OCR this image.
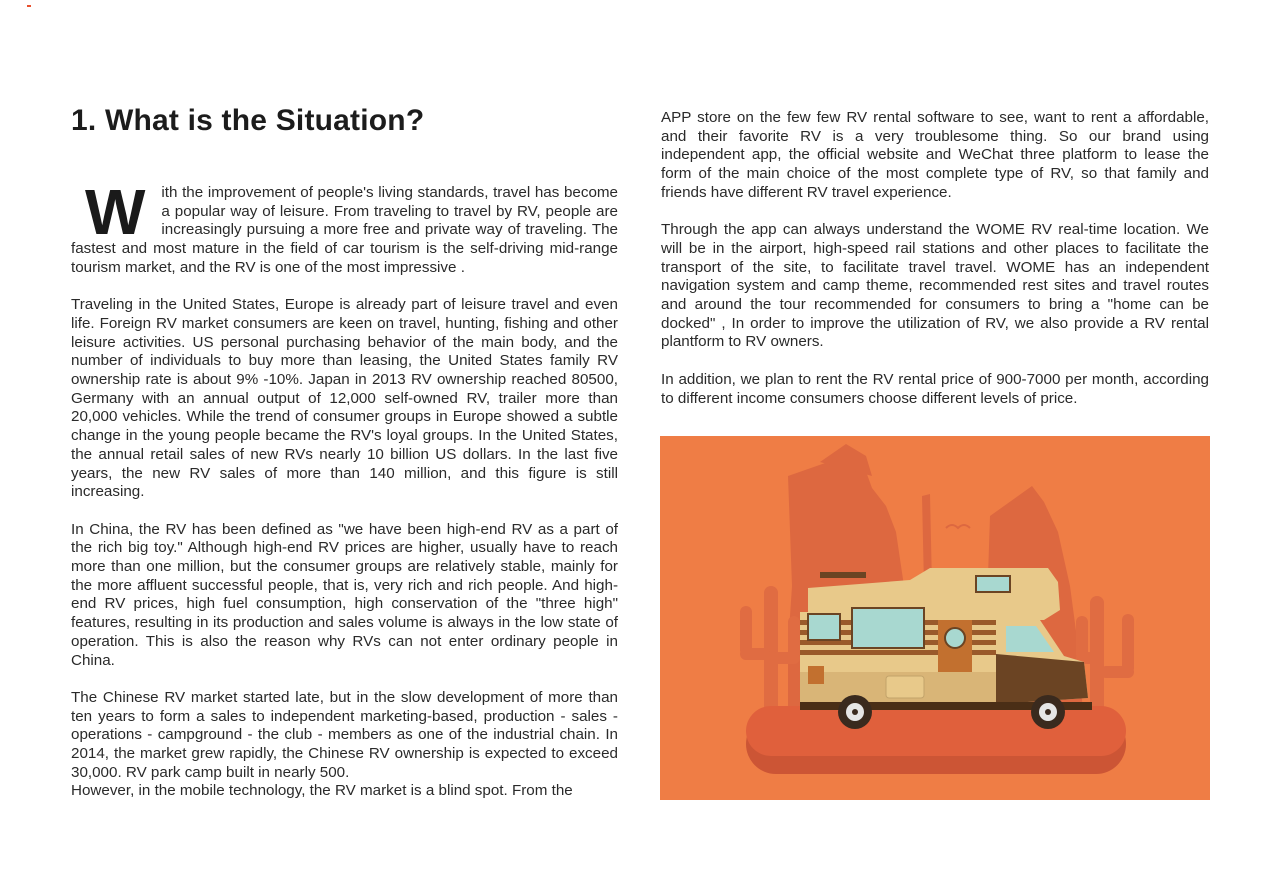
1. What is the Situation?

W ith the improvement of people's living standards, travel has become a popular way of leisure. From traveling to travel by RV, people are increasingly pursuing a more free and private way of traveling. The fastest and most mature in the field of car tourism is the self-driving mid-range tourism market, and the RV is one of the most impressive .

Traveling in the United States, Europe is already part of leisure travel and even life. Foreign RV market consumers are keen on travel, hunting, fishing and other leisure activities. US personal purchasing behavior of the main body, and the number of individuals to buy more than leasing, the United States family RV ownership rate is about 9% -10%. Japan in 2013 RV ownership reached 80500, Germany with an annual output of 12,000 self-owned RV, trailer more than 20,000 vehicles. While the trend of consumer groups in Europe showed a subtle change in the young people became the RV's loyal groups. In the United States, the annual retail sales of new RVs nearly 10 billion US dollars. In the last five years, the new RV sales of more than 140 million, and this figure is still increasing.

In China, the RV has been defined as "we have been high-end RV as a part of the rich big toy." Although high-end RV prices are higher, usually have to reach more than one million, but the consumer groups are relatively stable, mainly for the more affluent successful people, that is, very rich and rich people. And high-end RV prices, high fuel consumption, high conservation of the "three high" features, resulting in its production and sales volume is always in the low state of operation. This is also the reason why RVs can not enter ordinary people in China.

The Chinese RV market started late, but in the slow development of more than ten years to form a sales to independent marketing-based, production - sales - operations - campground - the club - members as one of the industrial chain. In 2014, the market grew rapidly, the Chinese RV ownership is expected to exceed 30,000. RV park camp built in nearly 500.

However, in the mobile technology, the RV market is a blind spot. From the

APP store on the few few RV rental software to see, want to rent a affordable, and their favorite RV is a very troublesome thing. So our brand using independent app, the official website and WeChat three platform to lease the form of the main choice of the most complete type of RV, so that family and friends have different RV travel experience.

Through the app can always understand the WOME RV real-time location. We will be in the airport, high-speed rail stations and other places to facilitate the transport of the site, to facilitate travel travel. WOME has an independent navigation system and camp theme, recommended rest sites and travel routes and around the tour recommended for consumers to bring a "home can be docked" , In order to improve the utilization of RV, we also provide a RV rental plantform to RV owners.

In addition, we plan to rent the RV rental price of 900-7000 per month, according to different income consumers choose different levels of price.
